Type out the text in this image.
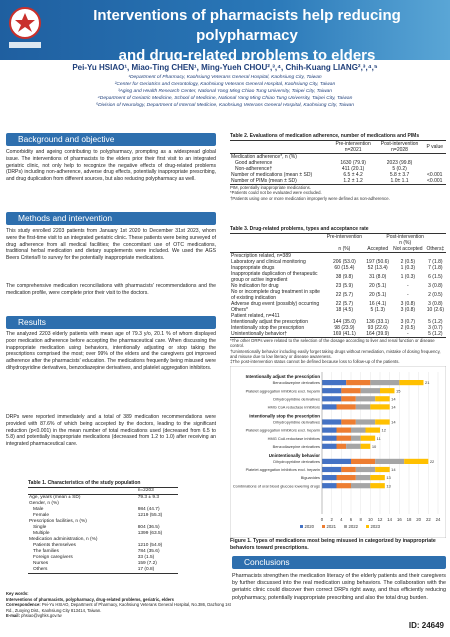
Interventions of pharmacists help reducing polypharmacy
and drug-related problems to elders
Pei-Yu HSIAO¹, Miao-Ting CHEN¹, Ming-Yueh CHOU²,³,⁴, Chih-Kuang LIANG²,³,⁴,⁵
¹Department of Pharmacy, Kaohsiung Veterans General Hospital, Kaohsiung City, Taiwan
²Center for Geriatrics and Gerontology, Kaohsiung Veterans General Hospital, Kaohsiung City, Taiwan
³Aging and Health Research Center, National Yang Ming Chiao Tung University, Taipei City, Taiwan
⁴Department of Geriatric Medicine, School of Medicine, National Yang Ming Chiao Tung University, Taipei City, Taiwan
⁵Division of Neurology, Department of Internal Medicine, Kaohsiung Veterans General Hospital, Kaohsiung City, Taiwan
Background and objective
Comorbidity and ageing contributing to polypharmacy, prompting as a widespread global issue. The interventions of pharmacists to the elders prior their first visit to an integrated geriatric clinic, not only help to recognize the negative effects of drug-related problems (DRPs) including non-adherence, adverse drug effects, potentially inappropriate prescribing, and drug duplication from different sources, but also reducing polypharmacy as well.
Methods and intervention
This study enrolled 2203 patients from January 1st 2020 to December 31st 2023, whom were the first-time visit to an integrated geriatric clinic. These patients were being surveyed of drug adherence from all medical facilities; the concomitant use of OTC medications, traditional herbal medication and dietary supplements were included. We used the AGS Beers Criteria® to survey for the potentially inappropriate medications.
The comprehensive medication reconciliations with pharmacists' recommendations and the medication profile, were complete prior their visit to the doctors.
Results
The analyzed 2203 elderly patients with mean age of 79.3 y/o, 20.1 % of whom displayed poor medication adherence before accepting the pharmaceutical care. When discussing the inappropriate medication using behaviors, intentionally adjusting or stop taking the prescriptions comprised the most; over 99% of the elders and the caregivers got improved adherence after the pharmacists' education. The medications frequently being misused were dihydropyridine derivatives, benzodiazepine derivatives, and platelet aggregation inhibitors.
DRPs were reported immediately and a total of 389 medication recommendations were provided with 87.6% of which being accepted by the doctors, leading to the significant reduction (p<0.001) in the mean number of total medications used (decreased from 6.5 to 5.8) and potentially inappropriate medications (decreased from 1.2 to 1.0) after receiving an integrated pharmaceutical care.
Table 1. Characteristics of the study population
	n=2203
Age, years (mean ± SD)	79.3 ± 9.3
Gender, n (%)	
Male	984 (44.7)
Female	1219 (55.3)
Prescription facilities, n (%)	
Single	804 (36.5)
Multiple	1399 (63.5)
Medication administration, n (%)	
Patients themselves	1210 (54.9)
The families	784 (35.6)
Foreign caregivers	33 (1.5)
Nurses	159 (7.2)
Others	17 (0.8)
Key words:
Interventions of pharmacists, polypharmacy, drug-related problems, geriatric, elders
Correspondence: Pei-Yu HSIAO, Department of Pharmacy, Kaohsiung Veterans General Hospital, No.386, Dazhong 1st Rd., Zuoying Dist., Kaohsiung City 813414, Taiwan.
E-mail: phsiao@vghks.gov.tw
Table 2. Evaluations of medication adherence, number of medications and PIMs
	Pre-intervention
n=2021	Post-intervention
n=2028	P value
Medication adherence*, n (%)			
Good adherence	1630 (79.9)	2023 (99.8)	
Non-adherence†	411 (20.1)	5 (0.2)	
Number of medications (mean ± SD)	6.5 ± 4.2	5.8 ± 3.7	<0.001
Number of PIMs (mean ± SD)	1.2 ± 1.2	1.0± 1.1	<0.001
PIM, potentially inappropriate medications.
*Patients could not be evaluated were excluded.
†Patients using one or more medication improperly were defined as non-adherence.
Table 3. Drug-related problems, types and acceptance rate
	Pre-intervention	Post-intervention		
		n (%)		
	n (%)	Accepted	Not accepted	Others‡
Prescription related, n=389				
Laboratory and clinical monitoring	206 (53.0)	197 (50.6)	2 (0.5)	7 (1.8)
Inappropriate drugs	60 (15.4)	52 (13.4)	1 (0.3)	7 (1.8)
Inappropriate duplication of therapeutic group or active ingredient	38 (9.8)	31 (8.0)	1 (0.3)	6 (1.5)
No indication for drug	23 (5.9)	20 (5.1)	-	3 (0.8)
No or incomplete drug treatment in spite of existing indication	22 (5.7)	20 (5.1)	-	2 (0.5)
Adverse drug event (possibly) occurring	22 (5.7)	16 (4.1)	3 (0.8)	3 (0.8)
Others*	18 (4.5)	5 (1.3)	3 (0.8)	10 (2.6)
Patient related, n=411				
Intentionally adjust the prescription	144 (35.0)	136 (33.1)	3 (0.7)	5 (1.2)
Intentionally stop the prescription	98 (23.9)	93 (22.6)	2 (0.5)	3 (0.7)
Unintentionally behavior†	169 (41.1)	164 (39.9)	-	5 (1.2)
*The other DRPs were related to the selection of the dosage according to liver and renal function or disease control.
†Unintentionally behavior including easily forget taking drugs without remediation, mistake of dosing frequency, and misuse due to low literacy or disease awareness.
‡The post-intervention status cannot be defined because loss to follow-up of the patients.
0 2 4 6 8 10 12 14 16 18 20 22 24
Intentionally adjust the prescription
Benzodiazepine derivatives	21
Platelet aggregation inhibitors excl. heparin	15
Dihydropyridine derivatives	14
HMG CoA reductase inhibitors	14
Intentionally stop the prescription
Dihydropyridine derivatives	14
Platelet aggregation inhibitors excl. heparin	12
HMG CoA reductase inhibitors	11
Benzodiazepine derivatives	10
Unintentionally behavior
Dihydropyridine derivatives	22
Platelet aggregation inhibitors excl. heparin	14
Biguanides	13
Combinations of oral blood glucose lowering drugs	13
2020	2021	2022	2023
Figure 1. Types of medications most being misused in categorized by inappropriate behaviors toward prescriptions.
Conclusions
Pharmacists strengthen the medication literacy of the elderly patients and their caregivers by further discussed into the real medication using behaviors. The collaboration with the geriatric clinic could discover then correct DRPs right away, and thus efficiently reducing polypharmacy, potentially inappropriate prescribing and also the total drug burden.
ID: 24649
